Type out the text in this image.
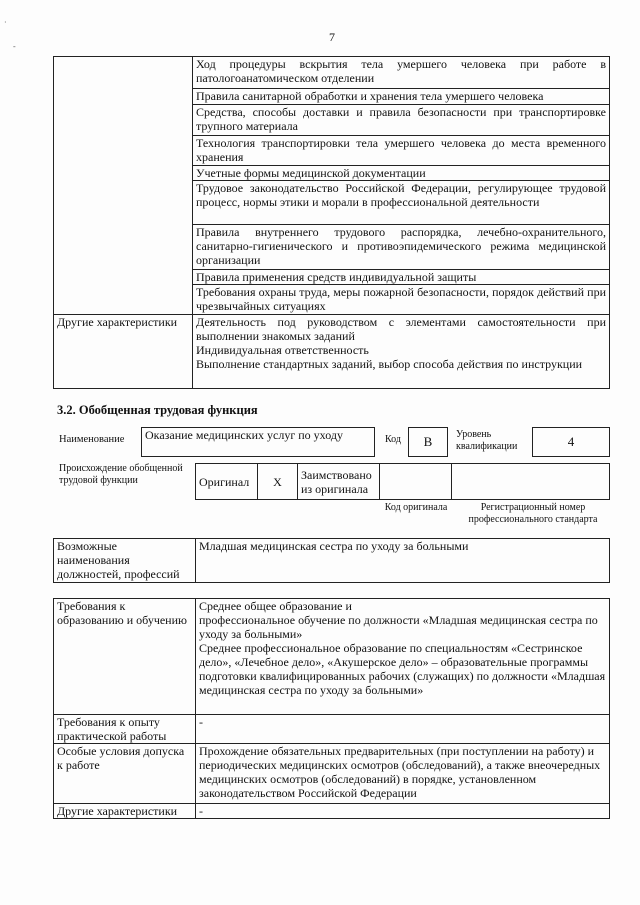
7
·
-
	Ход процедуры вскрытия тела умершего человека при работе в патологоанатомическом отделении
	Правила санитарной обработки и хранения тела умершего человека
	Средства, способы доставки и правила безопасности при транспортировке трупного материала
	Технология транспортировки тела умершего человека до места временного хранения
	Учетные формы медицинской документации
	Трудовое законодательство Российской Федерации, регулирующее трудовой процесс, нормы этики и морали в профессиональной деятельности
	Правила внутреннего трудового распорядка, лечебно-охранительного, санитарно-гигиенического и противоэпидемического режима медицинской организации
	Правила применения средств индивидуальной защиты
	Требования охраны труда, меры пожарной безопасности, порядок действий при чрезвычайных ситуациях
Другие характеристики	Деятельность под руководством с элементами самостоятельности при выполнении знакомых заданий
Индивидуальная ответственность
Выполнение стандартных заданий, выбор способа действия по инструкции
3.2. Обобщенная трудовая функция
Наименование	Оказание медицинских услуг по уходу	Код	B	Уровень квалификации	4
Происхождение обобщенной трудовой функции	Оригинал	X	Заимствовано из оригинала		
Код оригинала	Регистрационный номер профессионального стандарта
Возможные наименования должностей, профессий	Младшая медицинская сестра по уходу за больными
Требования к образованию и обучению	Среднее общее образование и
профессиональное обучение по должности «Младшая медицинская сестра по уходу за больными»
Среднее профессиональное образование по специальностям «Сестринское дело», «Лечебное дело», «Акушерское дело» – образовательные программы подготовки квалифицированных рабочих (служащих) по должности «Младшая медицинская сестра по уходу за больными»

Требования к опыту практической работы	-
Особые условия допуска к работе	Прохождение обязательных предварительных (при поступлении на работу) и периодических медицинских осмотров (обследований), а также внеочередных медицинских осмотров (обследований) в порядке, установленном законодательством Российской Федерации
Другие характеристики	-
